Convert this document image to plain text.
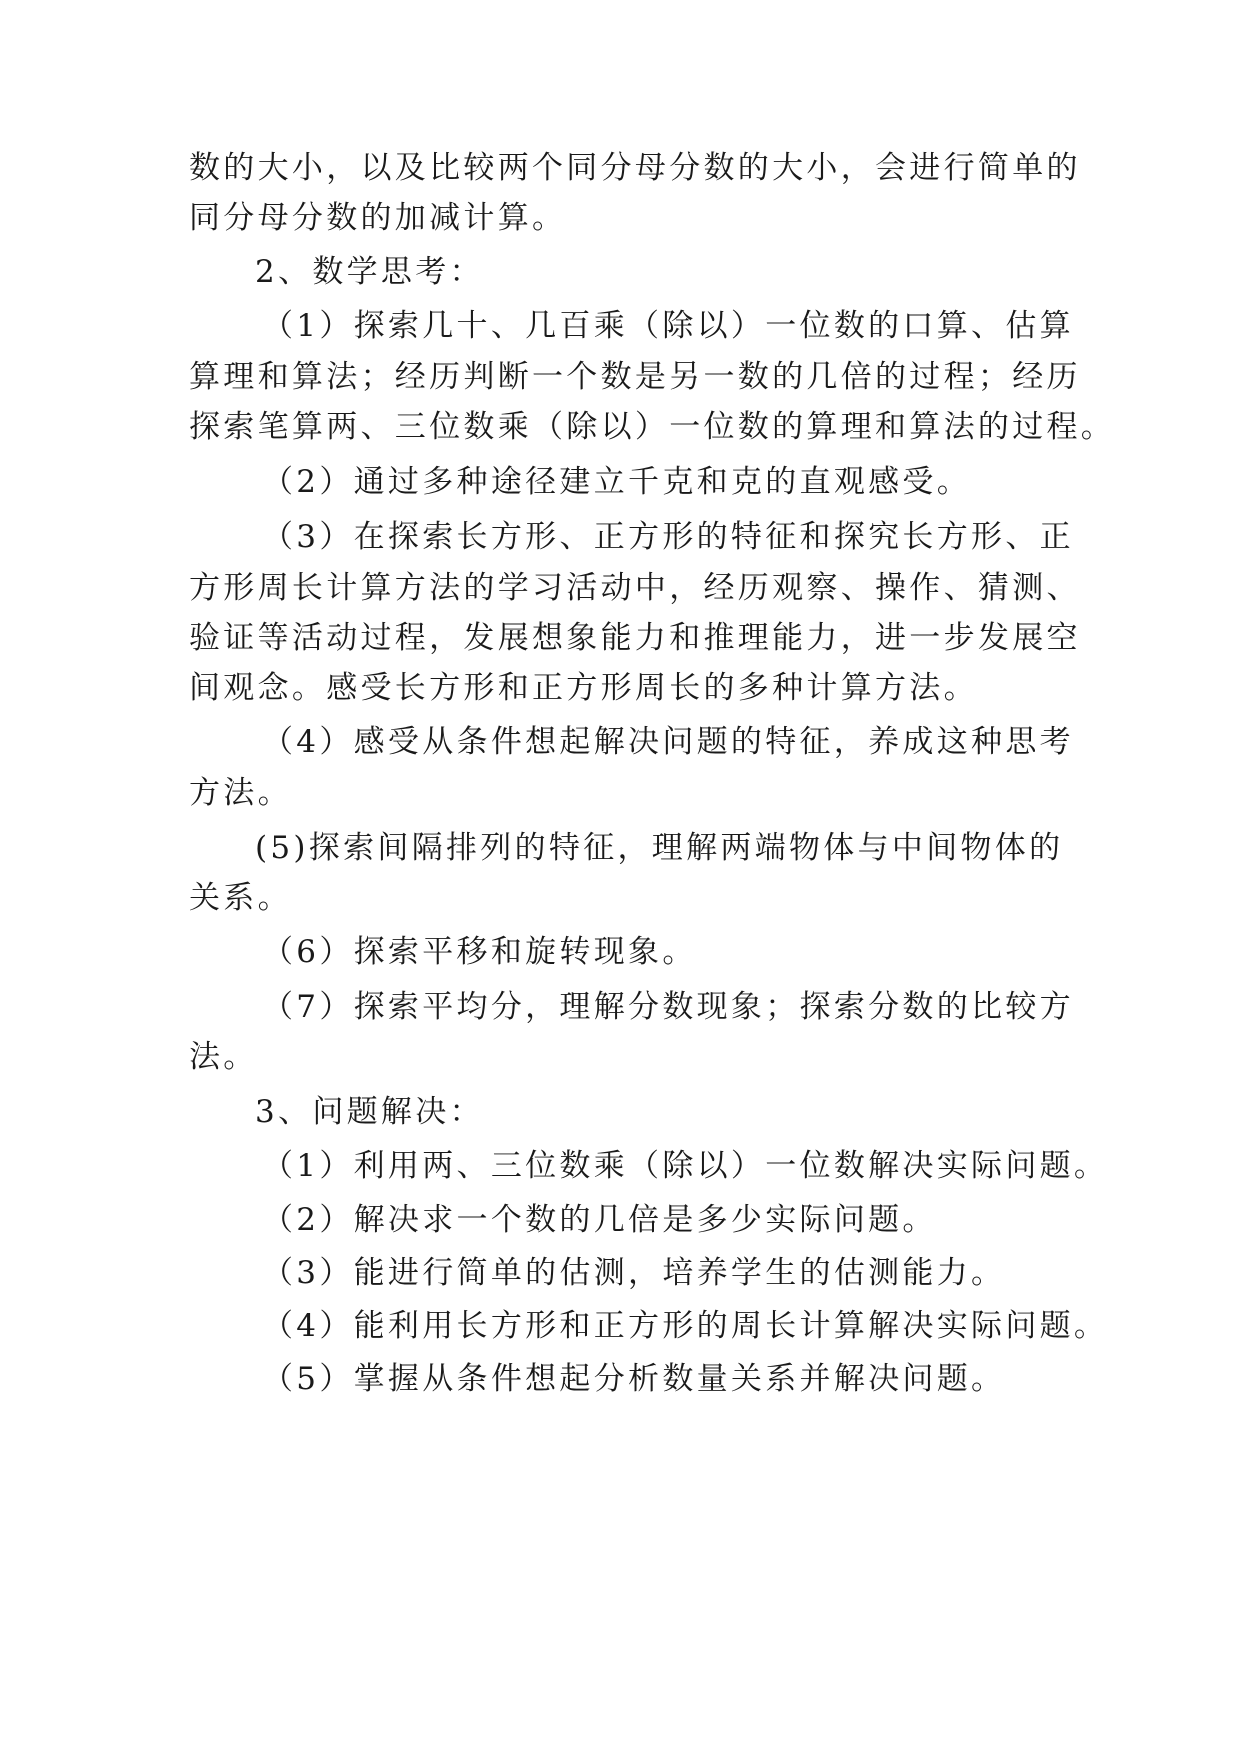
数的大小，以及比较两个同分母分数的大小，会进行简单的
同分母分数的加减计算。
2、数学思考：
（1）探索几十、几百乘（除以）一位数的口算、估算
算理和算法；经历判断一个数是另一数的几倍的过程；经历
探索笔算两、三位数乘（除以）一位数的算理和算法的过程。
（2）通过多种途径建立千克和克的直观感受。
（3）在探索长方形、正方形的特征和探究长方形、正
方形周长计算方法的学习活动中，经历观察、操作、猜测、
验证等活动过程，发展想象能力和推理能力，进一步发展空
间观念。感受长方形和正方形周长的多种计算方法。
（4）感受从条件想起解决问题的特征，养成这种思考
方法。
(5)探索间隔排列的特征，理解两端物体与中间物体的
关系。
（6）探索平移和旋转现象。
（7）探索平均分，理解分数现象；探索分数的比较方
法。
3、问题解决：
（1）利用两、三位数乘（除以）一位数解决实际问题。
（2）解决求一个数的几倍是多少实际问题。
（3）能进行简单的估测，培养学生的估测能力。
（4）能利用长方形和正方形的周长计算解决实际问题。
（5）掌握从条件想起分析数量关系并解决问题。
